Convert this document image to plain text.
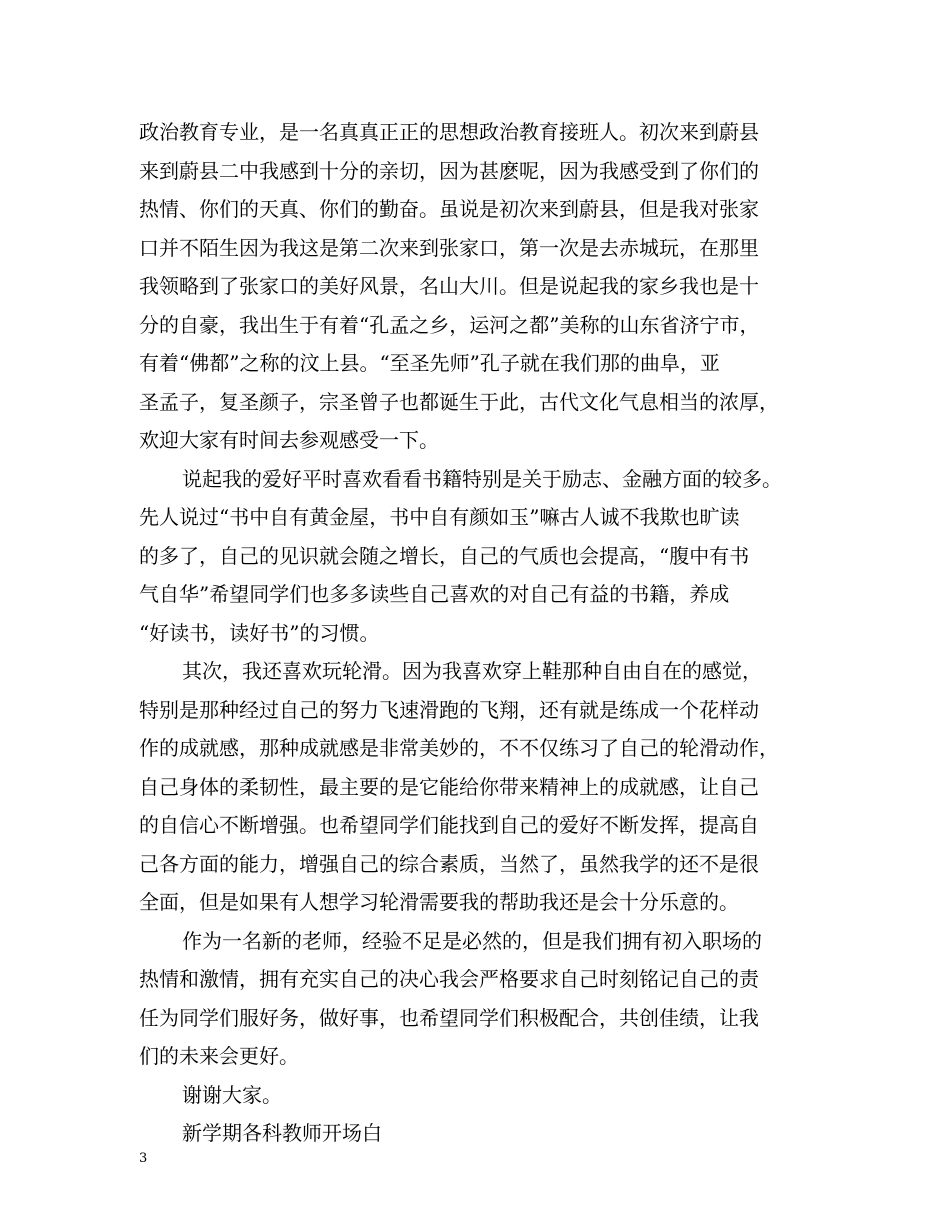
政治教育专业，是一名真真正正的思想政治教育接班人。初次来到蔚县
来到蔚县二中我感到十分的亲切，因为甚麽呢，因为我感受到了你们的
热情、你们的天真、你们的勤奋。虽说是初次来到蔚县，但是我对张家
口并不陌生因为我这是第二次来到张家口，第一次是去赤城玩，在那里
我领略到了张家口的美好风景，名山大川。但是说起我的家乡我也是十
分的自豪，我出生于有着“孔孟之乡，运河之都”美称的山东省济宁市，
有着“佛都”之称的汶上县。“至圣先师”孔子就在我们那的曲阜，亚
圣孟子，复圣颜子，宗圣曾子也都诞生于此，古代文化气息相当的浓厚，
欢迎大家有时间去参观感受一下。
说起我的爱好平时喜欢看看书籍特别是关于励志、金融方面的较多。
先人说过“书中自有黄金屋，书中自有颜如玉”嘛古人诚不我欺也旷读
的多了，自己的见识就会随之增长，自己的气质也会提高，“腹中有书
气自华”希望同学们也多多读些自己喜欢的对自己有益的书籍，养成
“好读书，读好书”的习惯。
其次，我还喜欢玩轮滑。因为我喜欢穿上鞋那种自由自在的感觉，
特别是那种经过自己的努力飞速滑跑的飞翔，还有就是练成一个花样动
作的成就感，那种成就感是非常美妙的，不不仅练习了自己的轮滑动作，
自己身体的柔韧性，最主要的是它能给你带来精神上的成就感，让自己
的自信心不断增强。也希望同学们能找到自己的爱好不断发挥，提高自
己各方面的能力，增强自己的综合素质，当然了，虽然我学的还不是很
全面，但是如果有人想学习轮滑需要我的帮助我还是会十分乐意的。
作为一名新的老师，经验不足是必然的，但是我们拥有初入职场的
热情和激情，拥有充实自己的决心我会严格要求自己时刻铭记自己的责
任为同学们服好务，做好事，也希望同学们积极配合，共创佳绩，让我
们的未来会更好。
谢谢大家。
新学期各科教师开场白
3
